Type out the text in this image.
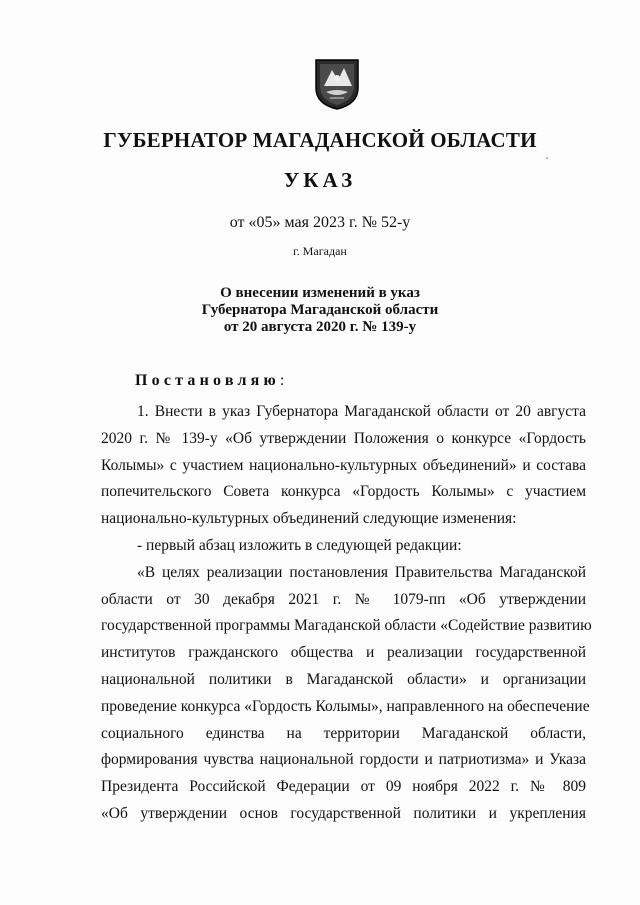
ГУБЕРНАТОР МАГАДАНСКОЙ ОБЛАСТИ
УКАЗ
от «05» мая 2023 г. № 52-у
г. Магадан
О внесении изменений в указ
Губернатора Магаданской области
от 20 августа 2020 г. № 139-у
Постановляю:
1. Внести в указ Губернатора Магаданской области от 20 августа
2020 г. № 139-у «Об утверждении Положения о конкурсе «Гордость
Колымы» с участием национально-культурных объединений» и состава
попечительского Совета конкурса «Гордость Колымы» с участием
национально-культурных объединений следующие изменения:
- первый абзац изложить в следующей редакции:
«В целях реализации постановления Правительства Магаданской
области от 30 декабря 2021 г. № 1079-пп «Об утверждении
государственной программы Магаданской области «Содействие развитию
институтов гражданского общества и реализации государственной
национальной политики в Магаданской области» и организации
проведение конкурса «Гордость Колымы», направленного на обеспечение
социального единства на территории Магаданской области,
формирования чувства национальной гордости и патриотизма» и Указа
Президента Российской Федерации от 09 ноября 2022 г. № 809
«Об утверждении основ государственной политики и укрепления
